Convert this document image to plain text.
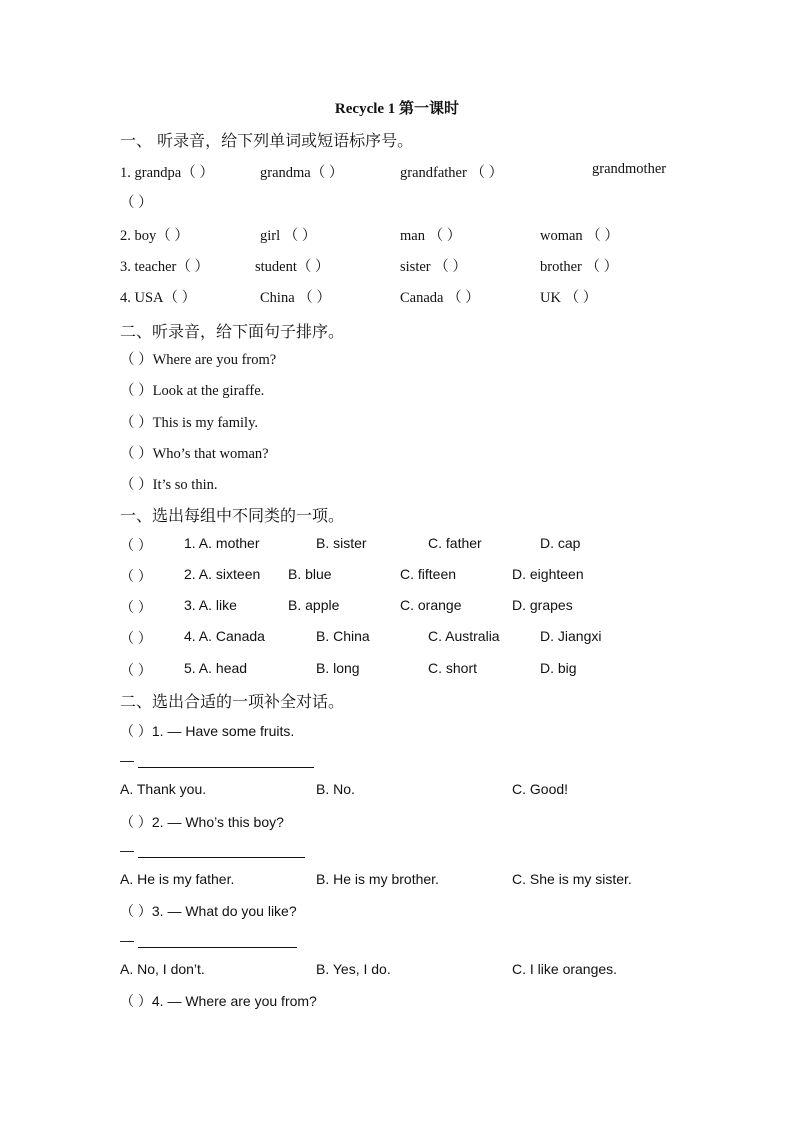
Recycle 1 第一课时
一、 听录音，给下列单词或短语标序号。
1. grandpa（ ）	grandma（ ）	grandfather （ ）	grandmother
（ ）
2. boy（ ）	girl （ ）	man （ ）	woman （ ）
3. teacher（ ）	student（ ）	sister （ ）	brother （ ）
4. USA（ ）	China （ ）	Canada （ ）	UK （ ）
二、听录音，给下面句子排序。
（ ）Where are you from?
（ ）Look at the giraffe.
（ ）This is my family.
（ ）Who’s that woman?
（ ）It’s so thin.
一、选出每组中不同类的一项。
（ ） 1. A. mother	B. sister	C. father	D. cap
（ ） 2. A. sixteen B. blue	C. fifteen	D. eighteen
（ ） 3. A. like	B. apple	C. orange	D. grapes
（ ） 4. A. Canada	B. China	C. Australia	D. Jiangxi
（ ） 5. A. head	B. long	C. short	D. big
二、选出合适的一项补全对话。
（ ）1. — Have some fruits.
—
A. Thank you.	B. No.	C. Good!
（ ）2. — Who’s this boy?
—
A. He is my father.	B. He is my brother.	C. She is my sister.
（ ）3. — What do you like?
—
A. No, I don’t.	B. Yes, I do.	C. I like oranges.
（ ）4. — Where are you from?
